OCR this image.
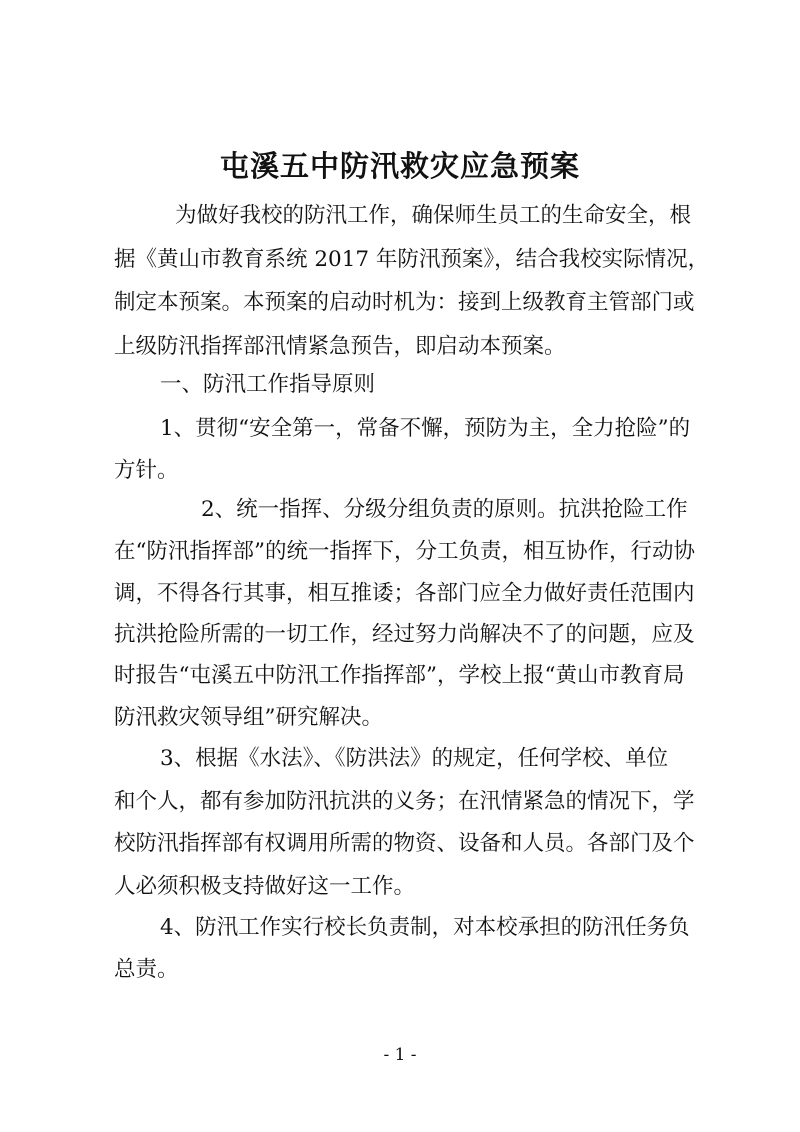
屯溪五中防汛救灾应急预案
为做好我校的防汛工作，确保师生员工的生命安全，根
据《黄山市教育系统 2017 年防汛预案》，结合我校实际情况，
制定本预案。本预案的启动时机为：接到上级教育主管部门或
上级防汛指挥部汛情紧急预告，即启动本预案。
一、防汛工作指导原则
1、贯彻“安全第一，常备不懈，预防为主，全力抢险”的
方针。
2、统一指挥、分级分组负责的原则。抗洪抢险工作
在“防汛指挥部”的统一指挥下，分工负责，相互协作，行动协
调，不得各行其事，相互推诿；各部门应全力做好责任范围内
抗洪抢险所需的一切工作，经过努力尚解决不了的问题，应及
时报告“屯溪五中防汛工作指挥部”，学校上报“黄山市教育局
防汛救灾领导组”研究解决。
3、根据《水法》、《防洪法》的规定，任何学校、单位
和个人，都有参加防汛抗洪的义务；在汛情紧急的情况下，学
校防汛指挥部有权调用所需的物资、设备和人员。各部门及个
人必须积极支持做好这一工作。
4、防汛工作实行校长负责制，对本校承担的防汛任务负
总责。
- 1 -
